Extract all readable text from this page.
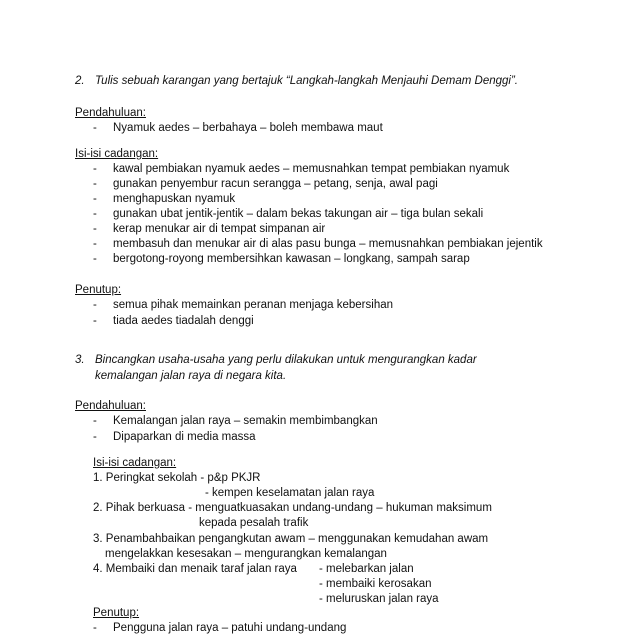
2. Tulis sebuah karangan yang bertajuk “Langkah-langkah Menjauhi Demam Denggi”.
Pendahuluan:
- Nyamuk aedes – berbahaya – boleh membawa maut
Isi-isi cadangan:
- kawal pembiakan nyamuk aedes – memusnahkan tempat pembiakan nyamuk
- gunakan penyembur racun serangga – petang, senja, awal pagi
- menghapuskan nyamuk
- gunakan ubat jentik-jentik – dalam bekas takungan air – tiga bulan sekali
- kerap menukar air di tempat simpanan air
- membasuh dan menukar air di alas pasu bunga – memusnahkan pembiakan jejentik
- bergotong-royong membersihkan kawasan – longkang, sampah sarap
Penutup:
- semua pihak memainkan peranan menjaga kebersihan
- tiada aedes tiadalah denggi
3. Bincangkan usaha-usaha yang perlu dilakukan untuk mengurangkan kadar
kemalangan jalan raya di negara kita.
Pendahuluan:
- Kemalangan jalan raya – semakin membimbangkan
- Dipaparkan di media massa
Isi-isi cadangan:
1. Peringkat sekolah - p&p PKJR
- kempen keselamatan jalan raya
2. Pihak berkuasa - menguatkuasakan undang-undang – hukuman maksimum
kepada pesalah trafik
3. Penambahbaikan pengangkutan awam – menggunakan kemudahan awam
mengelakkan kesesakan – mengurangkan kemalangan
4. Membaiki dan menaik taraf jalan raya - melebarkan jalan
- membaiki kerosakan
- meluruskan jalan raya
Penutup:
- Pengguna jalan raya – patuhi undang-undang
